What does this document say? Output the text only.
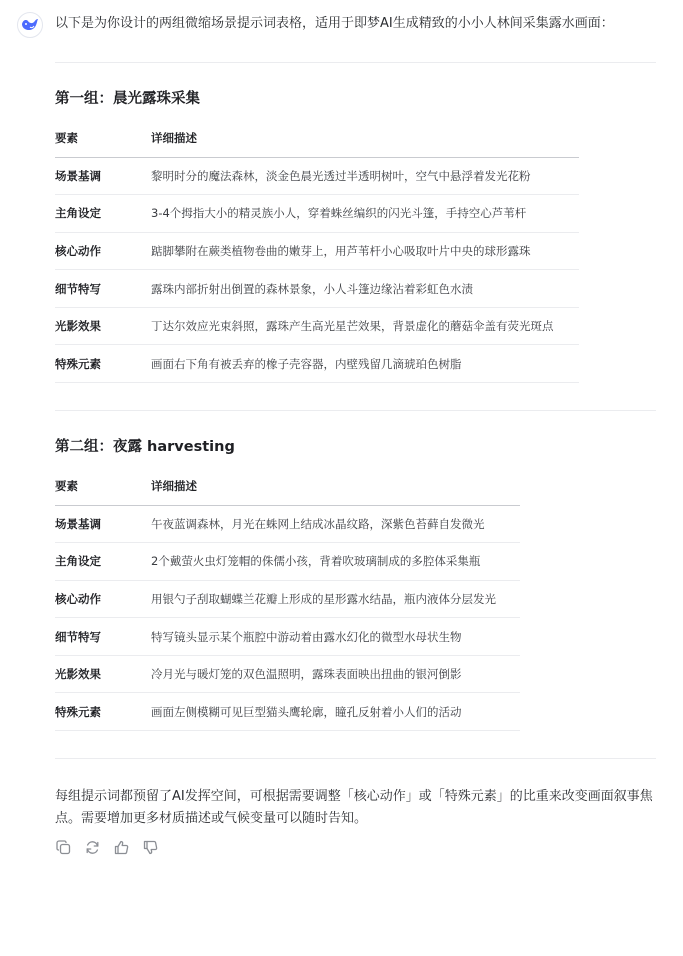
以下是为你设计的两组微缩场景提示词表格，适用于即梦AI生成精致的小小人林间采集露水画面：
第一组：晨光露珠采集
要素	详细描述
场景基调	黎明时分的魔法森林，淡金色晨光透过半透明树叶，空气中悬浮着发光花粉
主角设定	3-4个拇指大小的精灵族小人，穿着蛛丝编织的闪光斗篷，手持空心芦苇杆
核心动作	踮脚攀附在蕨类植物卷曲的嫩芽上，用芦苇杆小心吸取叶片中央的球形露珠
细节特写	露珠内部折射出倒置的森林景象，小人斗篷边缘沾着彩虹色水渍
光影效果	丁达尔效应光束斜照，露珠产生高光星芒效果，背景虚化的蘑菇伞盖有荧光斑点
特殊元素	画面右下角有被丢弃的橡子壳容器，内壁残留几滴琥珀色树脂
第二组：夜露 harvesting
要素	详细描述
场景基调	午夜蓝调森林，月光在蛛网上结成冰晶纹路，深紫色苔藓自发微光
主角设定	2个戴萤火虫灯笼帽的侏儒小孩，背着吹玻璃制成的多腔体采集瓶
核心动作	用银勺子刮取蝴蝶兰花瓣上形成的星形露水结晶，瓶内液体分层发光
细节特写	特写镜头显示某个瓶腔中游动着由露水幻化的微型水母状生物
光影效果	冷月光与暖灯笼的双色温照明，露珠表面映出扭曲的银河倒影
特殊元素	画面左侧模糊可见巨型猫头鹰轮廓，瞳孔反射着小人们的活动
每组提示词都预留了AI发挥空间，可根据需要调整「核心动作」或「特殊元素」的比重来改变画面叙事焦点。需要增加更多材质描述或气候变量可以随时告知。
